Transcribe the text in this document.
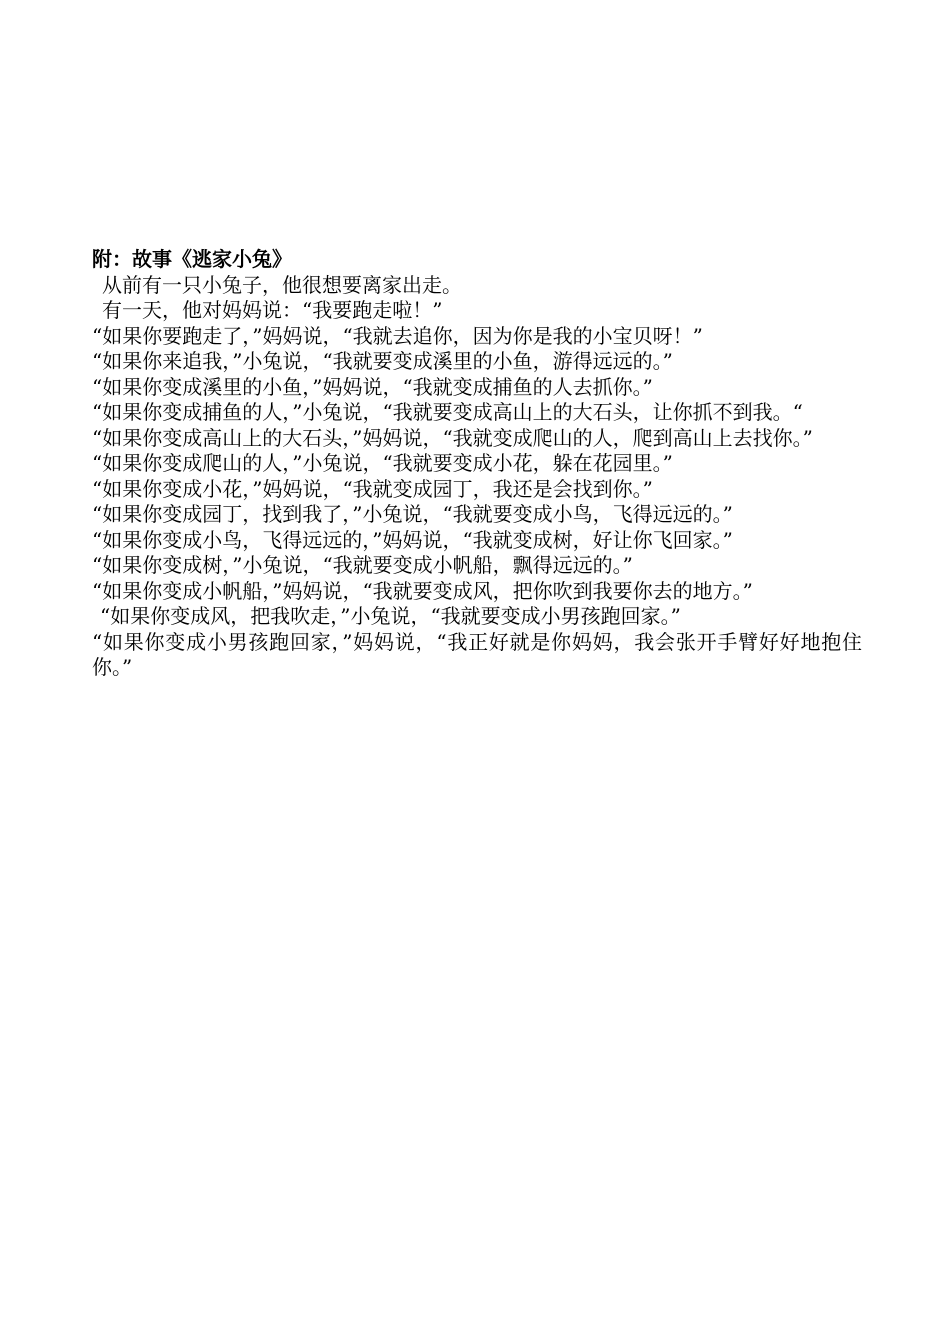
附：故事《逃家小兔》

从前有一只小兔子，他很想要离家出走。

有一天，他对妈妈说：“我要跑走啦！”

“如果你要跑走了，”妈妈说，“我就去追你，因为你是我的小宝贝呀！”

“如果你来追我，”小兔说，“我就要变成溪里的小鱼，游得远远的。”

“如果你变成溪里的小鱼，”妈妈说，“我就变成捕鱼的人去抓你。”

“如果你变成捕鱼的人，”小兔说，“我就要变成高山上的大石头，让你抓不到我。“

“如果你变成高山上的大石头，”妈妈说，“我就变成爬山的人，爬到高山上去找你。”

“如果你变成爬山的人，”小兔说，“我就要变成小花，躲在花园里。”

“如果你变成小花，”妈妈说，“我就变成园丁，我还是会找到你。”

“如果你变成园丁，找到我了，”小兔说，“我就要变成小鸟，飞得远远的。”

“如果你变成小鸟，飞得远远的，”妈妈说，“我就变成树，好让你飞回家。”

“如果你变成树，”小兔说，“我就要变成小帆船，飘得远远的。”

“如果你变成小帆船，”妈妈说，“我就要变成风，把你吹到我要你去的地方。”

“如果你变成风，把我吹走，”小兔说，“我就要变成小男孩跑回家。”

“如果你变成小男孩跑回家，”妈妈说，“我正好就是你妈妈，我会张开手臂好好地抱住你。”
